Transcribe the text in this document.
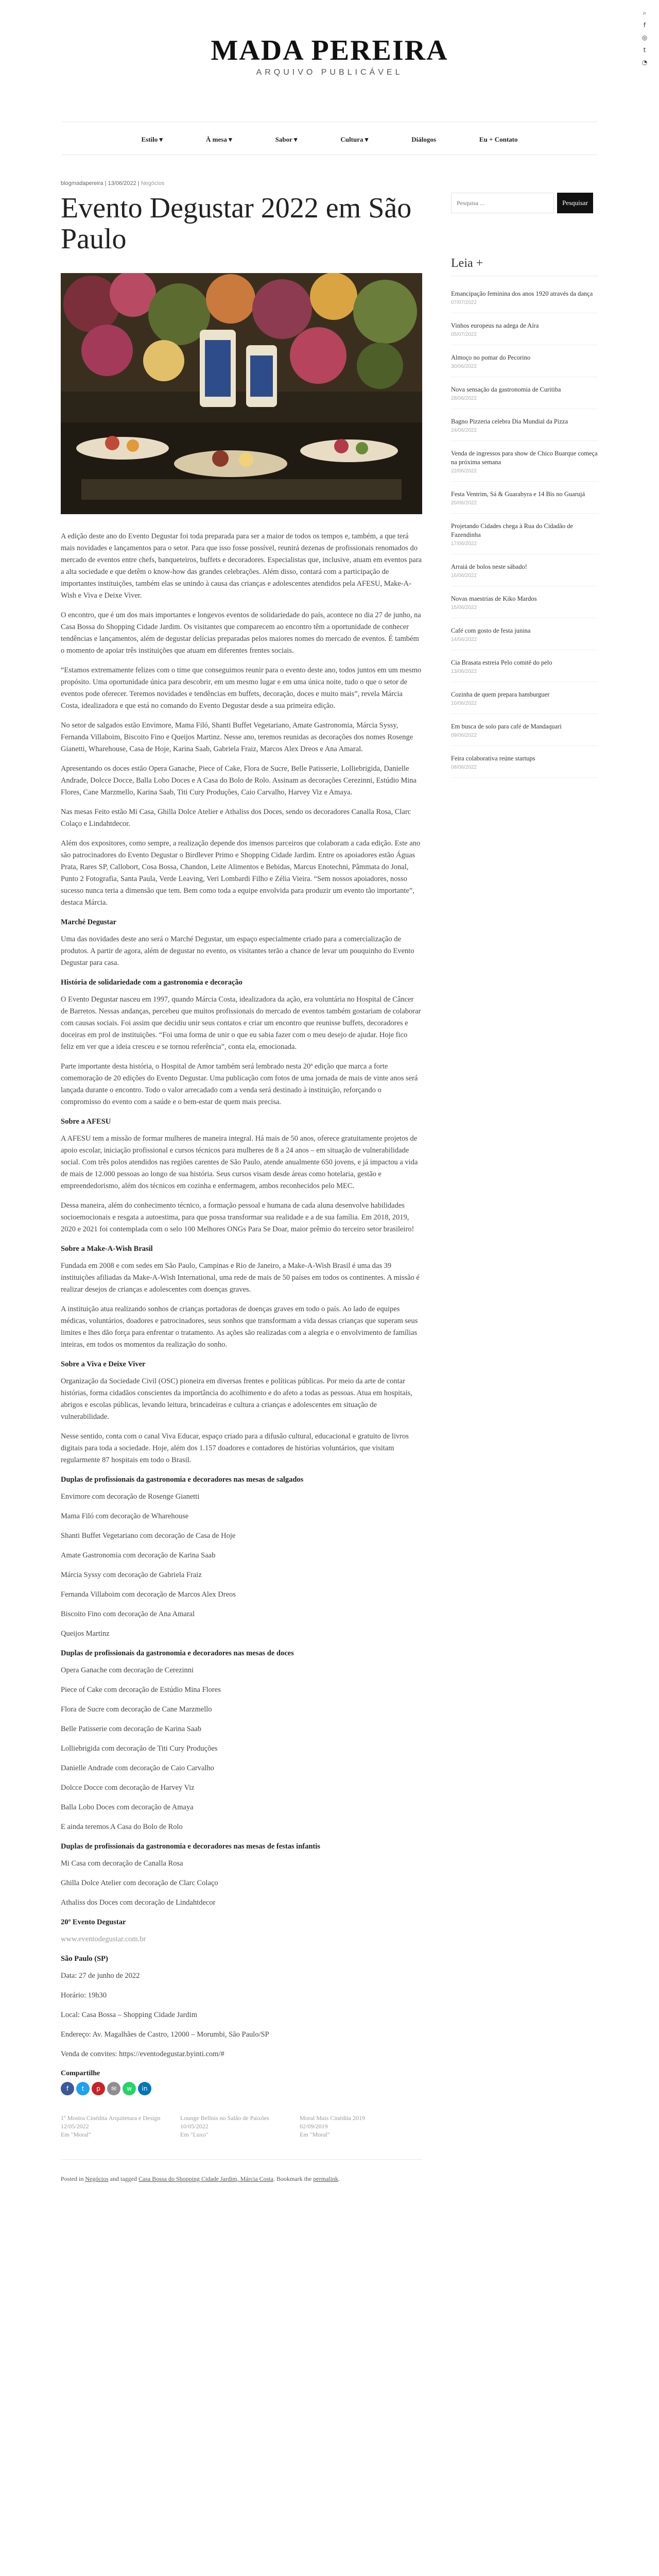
⌕
f
◎
t
◔
MADA PEREIRA
ARQUIVO PUBLICÁVEL
Estilo ▾	À mesa ▾	Sabor ▾	Cultura ▾	Diálogos	Eu + Contato
blogmadapereira | 13/06/2022 | Negócios
Evento Degustar 2022 em São Paulo

A edição deste ano do Evento Degustar foi toda preparada para ser a maior de todos os tempos e, também, a que terá mais novidades e lançamentos para o setor. Para que isso fosse possível, reunirá dezenas de profissionais renomados do mercado de eventos entre chefs, banqueteiros, buffets e decoradores. Especialistas que, inclusive, atuam em eventos para a alta sociedade e que detêm o know-how das grandes celebrações. Além disso, contará com a participação de importantes instituições, também elas se unindo à causa das crianças e adolescentes atendidos pela AFESU, Make-A-Wish e Viva e Deixe Viver.

O encontro, que é um dos mais importantes e longevos eventos de solidariedade do país, acontece no dia 27 de junho, na Casa Bossa do Shopping Cidade Jardim. Os visitantes que comparecem ao encontro têm a oportunidade de conhecer tendências e lançamentos, além de degustar delícias preparadas pelos maiores nomes do mercado de eventos. É também o momento de apoiar três instituições que atuam em diferentes frentes sociais.

“Estamos extremamente felizes com o time que conseguimos reunir para o evento deste ano, todos juntos em um mesmo propósito. Uma oportunidade única para descobrir, em um mesmo lugar e em uma única noite, tudo o que o setor de eventos pode oferecer. Teremos novidades e tendências em buffets, decoração, doces e muito mais”, revela Márcia Costa, idealizadora e que está no comando do Evento Degustar desde a sua primeira edição.

No setor de salgados estão Envimore, Mama Filó, Shanti Buffet Vegetariano, Amate Gastronomia, Márcia Syssy, Fernanda Villaboim, Biscoito Fino e Queijos Martinz. Nesse ano, teremos reunidas as decorações dos nomes Rosenge Gianetti, Wharehouse, Casa de Hoje, Karina Saab, Gabriela Fraiz, Marcos Alex Dreos e Ana Amaral.

Apresentando os doces estão Opera Ganache, Piece of Cake, Flora de Sucre, Belle Patisserie, Lolliebrigida, Danielle Andrade, Dolcce Docce, Balla Lobo Doces e A Casa do Bolo de Rolo. Assinam as decorações Cerezinni, Estúdio Mina Flores, Cane Marzmello, Karina Saab, Titi Cury Produções, Caio Carvalho, Harvey Viz e Amaya.

Nas mesas Feito estão Mi Casa, Ghilla Dolce Atelier e Athaliss dos Doces, sendo os decoradores Canalla Rosa, Clarc Colaço e Lindahtdecor.

Além dos expositores, como sempre, a realização depende dos imensos parceiros que colaboram a cada edição. Este ano são patrocinadores do Evento Degustar o Birdlever Primo e Shopping Cidade Jardim. Entre os apoiadores estão Águas Prata, Rares SP, Callobort, Cosa Bossa, Chandon, Leite Alimentos e Bebidas, Marcus Enotechni, Pâmmata do Jonal, Punto 2 Fotografia, Santa Paula, Verde Leaving, Veri Lombardi Filho e Zélia Vieira. “Sem nossos apoiadores, nosso sucesso nunca teria a dimensão que tem. Bem como toda a equipe envolvida para produzir um evento tão importante”, destaca Márcia.

Marché Degustar

Uma das novidades deste ano será o Marché Degustar, um espaço especialmente criado para a comercialização de produtos. A partir de agora, além de degustar no evento, os visitantes terão a chance de levar um pouquinho do Evento Degustar para casa.

História de solidariedade com a gastronomia e decoração

O Evento Degustar nasceu em 1997, quando Márcia Costa, idealizadora da ação, era voluntária no Hospital de Câncer de Barretos. Nessas andanças, percebeu que muitos profissionais do mercado de eventos também gostariam de colaborar com causas sociais. Foi assim que decidiu unir seus contatos e criar um encontro que reunisse buffets, decoradores e doceiras em prol de instituições. “Foi uma forma de unir o que eu sabia fazer com o meu desejo de ajudar. Hoje fico feliz em ver que a ideia cresceu e se tornou referência”, conta ela, emocionada.

Parte importante desta história, o Hospital de Amor também será lembrado nesta 20ª edição que marca a forte comemoração de 20 edições do Evento Degustar. Uma publicação com fotos de uma jornada de mais de vinte anos será lançada durante o encontro. Todo o valor arrecadado com a venda será destinado à instituição, reforçando o compromisso do evento com a saúde e o bem-estar de quem mais precisa.

Sobre a AFESU

A AFESU tem a missão de formar mulheres de maneira integral. Há mais de 50 anos, oferece gratuitamente projetos de apoio escolar, iniciação profissional e cursos técnicos para mulheres de 8 a 24 anos – em situação de vulnerabilidade social. Com três polos atendidos nas regiões carentes de São Paulo, atende anualmente 650 jovens, e já impactou a vida de mais de 12.000 pessoas ao longo de sua história. Seus cursos visam desde áreas como hotelaria, gestão e empreendedorismo, além dos técnicos em cozinha e enfermagem, ambos reconhecidos pelo MEC.

Dessa maneira, além do conhecimento técnico, a formação pessoal e humana de cada aluna desenvolve habilidades socioemocionais e resgata a autoestima, para que possa transformar sua realidade e a de sua família. Em 2018, 2019, 2020 e 2021 foi contemplada com o selo 100 Melhores ONGs Para Se Doar, maior prêmio do terceiro setor brasileiro!

Sobre a Make-A-Wish Brasil

Fundada em 2008 e com sedes em São Paulo, Campinas e Rio de Janeiro, a Make-A-Wish Brasil é uma das 39 instituições afiliadas da Make-A-Wish International, uma rede de mais de 50 países em todos os continentes. A missão é realizar desejos de crianças e adolescentes com doenças graves.

A instituição atua realizando sonhos de crianças portadoras de doenças graves em todo o país. Ao lado de equipes médicas, voluntários, doadores e patrocinadores, seus sonhos que transformam a vida dessas crianças que superam seus limites e lhes dão força para enfrentar o tratamento. As ações são realizadas com a alegria e o envolvimento de famílias inteiras, em todos os momentos da realização do sonho.

Sobre a Viva e Deixe Viver

Organização da Sociedade Civil (OSC) pioneira em diversas frentes e políticas públicas. Por meio da arte de contar histórias, forma cidadãos conscientes da importância do acolhimento e do afeto a todas as pessoas. Atua em hospitais, abrigos e escolas públicas, levando leitura, brincadeiras e cultura a crianças e adolescentes em situação de vulnerabilidade.

Nesse sentido, conta com o canal Viva Educar, espaço criado para a difusão cultural, educacional e gratuito de livros digitais para toda a sociedade. Hoje, além dos 1.157 doadores e contadores de histórias voluntários, que visitam regularmente 87 hospitais em todo o Brasil.

Duplas de profissionais da gastronomia e decoradores nas mesas de salgados

Envimore com decoração de Rosenge Gianetti

Mama Filó com decoração de Wharehouse

Shanti Buffet Vegetariano com decoração de Casa de Hoje

Amate Gastronomia com decoração de Karina Saab

Márcia Syssy com decoração de Gabriela Fraiz

Fernanda Villaboim com decoração de Marcos Alex Dreos

Biscoito Fino com decoração de Ana Amaral

Queijos Martinz

Duplas de profissionais da gastronomia e decoradores nas mesas de doces

Opera Ganache com decoração de Cerezinni

Piece of Cake com decoração de Estúdio Mina Flores

Flora de Sucre com decoração de Cane Marzmello

Belle Patisserie com decoração de Karina Saab

Lolliebrigida com decoração de Titi Cury Produções

Danielle Andrade com decoração de Caio Carvalho

Dolcce Docce com decoração de Harvey Viz

Balla Lobo Doces com decoração de Amaya

E ainda teremos A Casa do Bolo de Rolo

Duplas de profissionais da gastronomia e decoradores nas mesas de festas infantis

Mi Casa com decoração de Canalla Rosa

Ghilla Dolce Atelier com decoração de Clarc Colaço

Athaliss dos Doces com decoração de Lindahtdecor

20º Evento Degustar

www.eventodegustar.com.br

São Paulo (SP)

Data: 27 de junho de 2022

Horário: 19h30

Local: Casa Bossa – Shopping Cidade Jardim

Endereço: Av. Magalhães de Castro, 12000 – Morumbi, São Paulo/SP

Venda de convites: https://eventodegustar.byinti.com/#

Compartilhe
f t p ✉ w in
1º Mostra Cinédita Arquitetura e Design
12/05/2022
Em "Moral"
Lounge Bellnis no Salão de Paixões
10/05/2022
Em "Luxo"
Moral Mais Cinédita 2019
02/09/2019
Em "Moral"
Posted in Negócios and tagged Casa Bossa do Shopping Cidade Jardim, Márcia Costa. Bookmark the permalink.
Pesquisa ...
Pesquisar
Leia +
Emancipação feminina dos anos 1920 através da dança
07/07/2022
Vinhos europeus na adega de Aíra
05/07/2022
Almoço no pomar do Pecorino
30/06/2022
Nova sensação da gastronomia de Curitiba
28/06/2022
Bagno Pizzeria celebra Dia Mundial da Pizza
24/06/2022
Venda de ingressos para show de Chico Buarque começa na próxima semana
22/06/2022
Festa Ventrim, Sá & Guarabyra e 14 Bis no Guarujá
20/06/2022
Projetando Cidades chega à Rua do Cidadão de Fazendinha
17/06/2022
Arraiá de bolos neste sábado!
16/06/2022
Novas maestrias de Kiko Mardos
15/06/2022
Café com gosto de festa junina
14/06/2022
Cia Brasata estreia Pelo comitê do pelo
13/06/2022
Cozinha de quem prepara hamburguer
10/06/2022
Em busca de solo para café de Mandaquari
09/06/2022
Feira colaborativa reúne startups
08/06/2022
